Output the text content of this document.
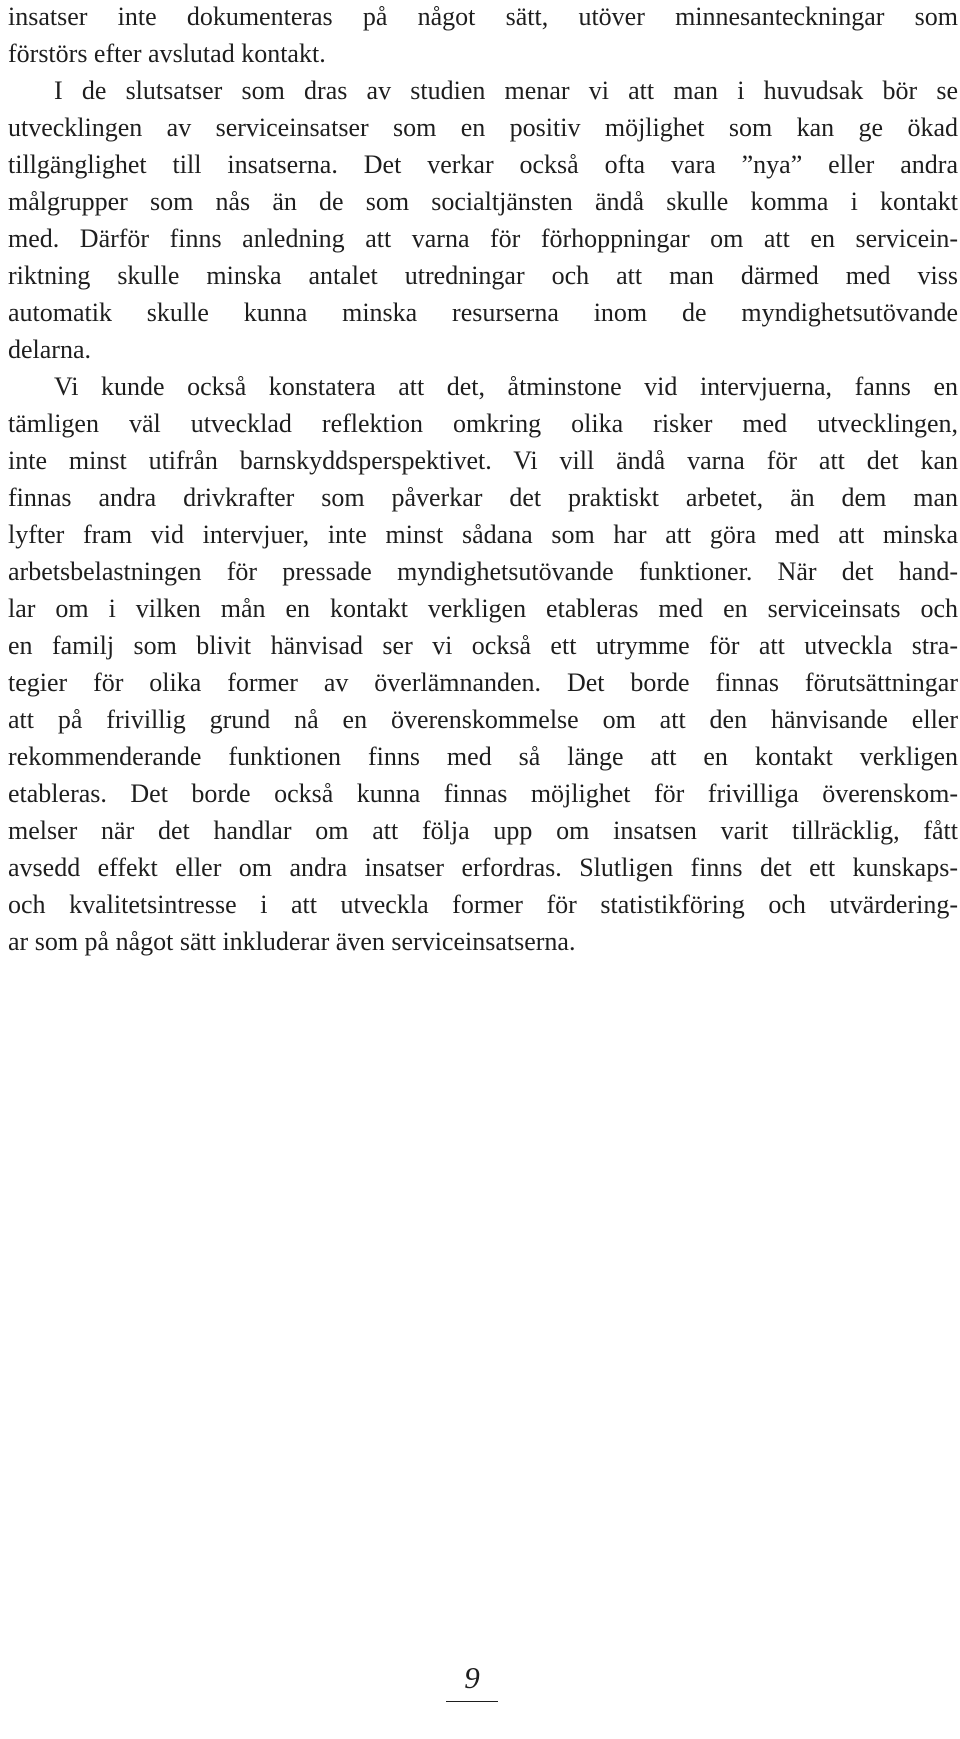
insatser inte dokumenteras på något sätt, utöver minnesanteckningar som
förstörs efter avslutad kontakt.
I de slutsatser som dras av studien menar vi att man i huvudsak bör se
utvecklingen av serviceinsatser som en positiv möjlighet som kan ge ökad
tillgänglighet till insatserna. Det verkar också ofta vara ”nya” eller andra
målgrupper som nås än de som socialtjänsten ändå skulle komma i kontakt
med. Därför finns anledning att varna för förhoppningar om att en servicein-
riktning skulle minska antalet utredningar och att man därmed med viss
automatik skulle kunna minska resurserna inom de myndighetsutövande
delarna.
Vi kunde också konstatera att det, åtminstone vid intervjuerna, fanns en
tämligen väl utvecklad reflektion omkring olika risker med utvecklingen,
inte minst utifrån barnskyddsperspektivet. Vi vill ändå varna för att det kan
finnas andra drivkrafter som påverkar det praktiskt arbetet, än dem man
lyfter fram vid intervjuer, inte minst sådana som har att göra med att minska
arbetsbelastningen för pressade myndighetsutövande funktioner. När det hand-
lar om i vilken mån en kontakt verkligen etableras med en serviceinsats och
en familj som blivit hänvisad ser vi också ett utrymme för att utveckla stra-
tegier för olika former av överlämnanden. Det borde finnas förutsättningar
att på frivillig grund nå en överenskommelse om att den hänvisande eller
rekommenderande funktionen finns med så länge att en kontakt verkligen
etableras. Det borde också kunna finnas möjlighet för frivilliga överenskom-
melser när det handlar om att följa upp om insatsen varit tillräcklig, fått
avsedd effekt eller om andra insatser erfordras. Slutligen finns det ett kunskaps-
och kvalitetsintresse i att utveckla former för statistikföring och utvärdering-
ar som på något sätt inkluderar även serviceinsatserna.
9
